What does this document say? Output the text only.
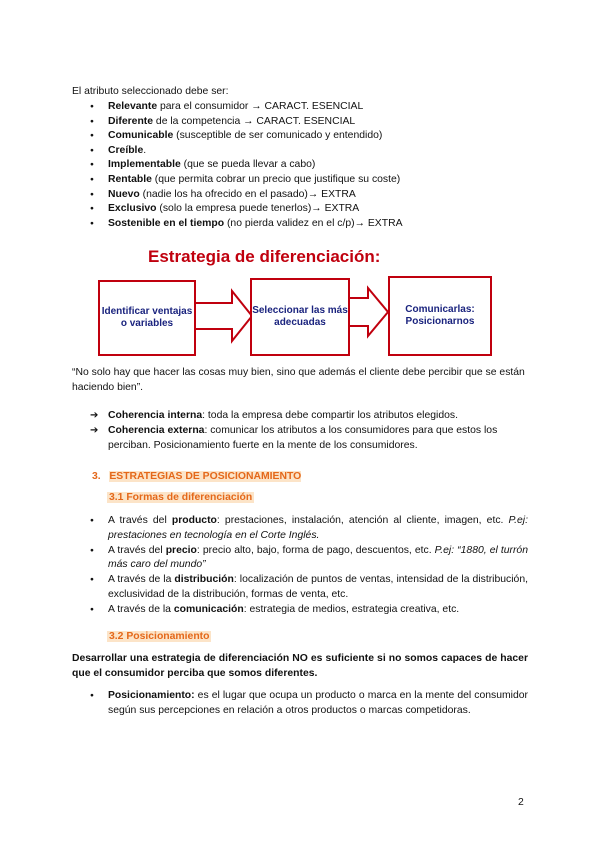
El atributo seleccionado debe ser:
● Relevante para el consumidor → CARACT. ESENCIAL
● Diferente de la competencia → CARACT. ESENCIAL
● Comunicable (susceptible de ser comunicado y entendido)
● Creíble.
● Implementable (que se pueda llevar a cabo)
● Rentable (que permita cobrar un precio que justifique su coste)
● Nuevo (nadie los ha ofrecido en el pasado)→ EXTRA
● Exclusivo (solo la empresa puede tenerlos)→ EXTRA
● Sostenible en el tiempo (no pierda validez en el c/p)→ EXTRA
Estrategia de diferenciación:
Identificar ventajas o variables
Seleccionar las más adecuadas
Comunicarlas: Posicionarnos
“No solo hay que hacer las cosas muy bien, sino que además el cliente debe percibir que se están haciendo bien”.
➔ Coherencia interna: toda la empresa debe compartir los atributos elegidos.
➔ Coherencia externa: comunicar los atributos a los consumidores para que estos los perciban. Posicionamiento fuerte en la mente de los consumidores.
3. ESTRATEGIAS DE POSICIONAMIENTO
3.1 Formas de diferenciación
● A través del producto: prestaciones, instalación, atención al cliente, imagen, etc. P.ej: prestaciones en tecnología en el Corte Inglés.
● A través del precio: precio alto, bajo, forma de pago, descuentos, etc. P.ej: “1880, el turrón más caro del mundo”
● A través de la distribución: localización de puntos de ventas, intensidad de la distribución, exclusividad de la distribución, formas de venta, etc.
● A través de la comunicación: estrategia de medios, estrategia creativa, etc.
3.2 Posicionamiento
Desarrollar una estrategia de diferenciación NO es suficiente si no somos capaces de hacer que el consumidor perciba que somos diferentes.
● Posicionamiento: es el lugar que ocupa un producto o marca en la mente del consumidor según sus percepciones en relación a otros productos o marcas competidoras.
2
